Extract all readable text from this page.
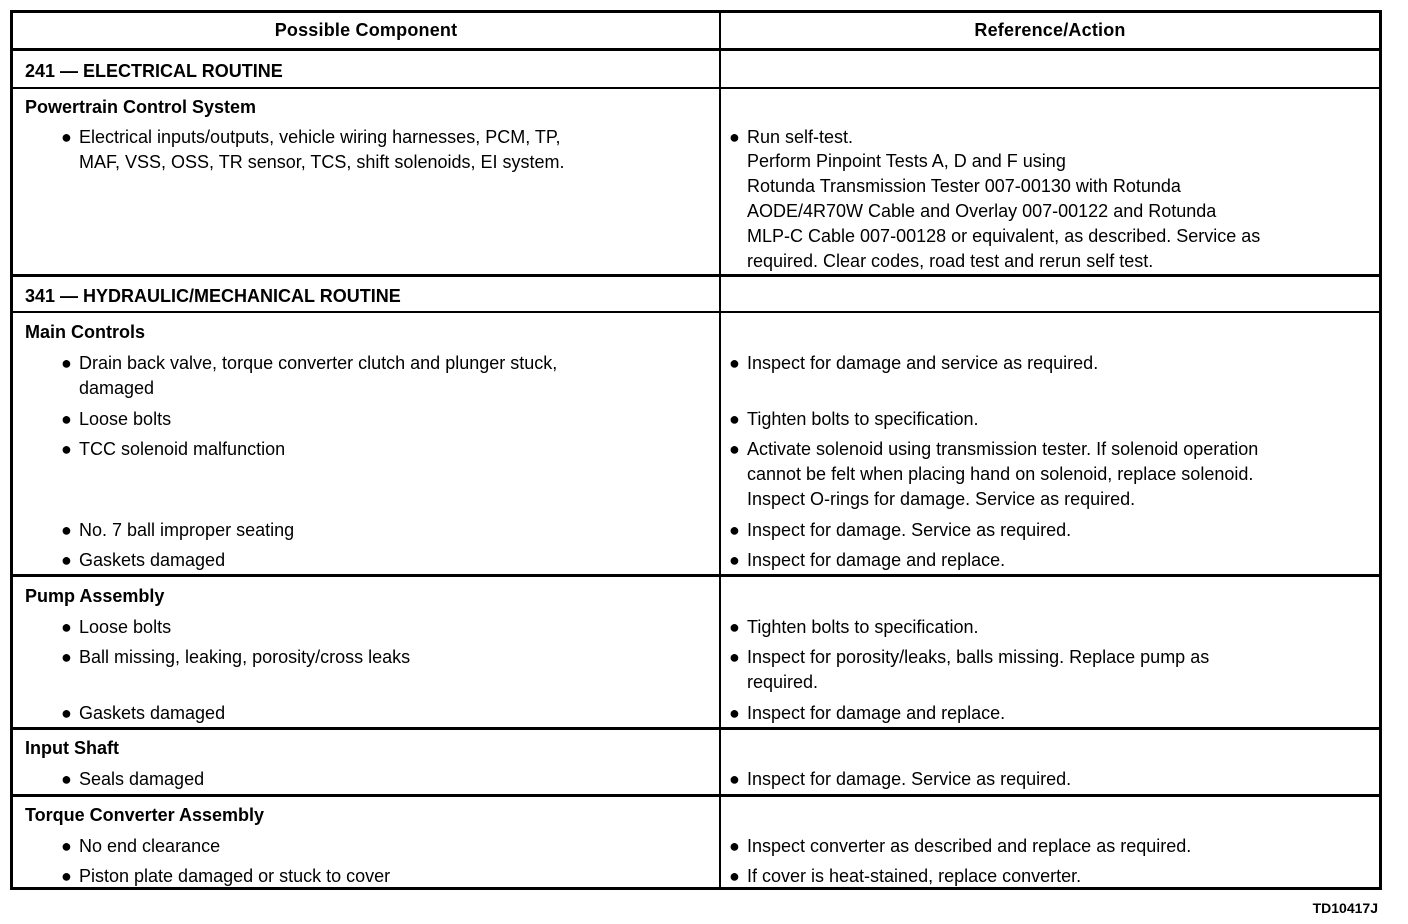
Possible Component	Reference/Action
241 — ELECTRICAL ROUTINE
Powertrain Control System
● Electrical inputs/outputs, vehicle wiring harnesses, PCM, TP,
MAF, VSS, OSS, TR sensor, TCS, shift solenoids, EI system.
● Run self-test.
Perform Pinpoint Tests A, D and F using
Rotunda Transmission Tester 007-00130 with Rotunda
AODE/4R70W Cable and Overlay 007-00122 and Rotunda
MLP-C Cable 007-00128 or equivalent, as described. Service as
required. Clear codes, road test and rerun self test.
341 — HYDRAULIC/MECHANICAL ROUTINE
Main Controls
● Drain back valve, torque converter clutch and plunger stuck,
damaged
● Loose bolts
● TCC solenoid malfunction
● No. 7 ball improper seating
● Gaskets damaged
● Inspect for damage and service as required.
● Tighten bolts to specification.
● Activate solenoid using transmission tester. If solenoid operation
cannot be felt when placing hand on solenoid, replace solenoid.
Inspect O-rings for damage. Service as required.
● Inspect for damage. Service as required.
● Inspect for damage and replace.
Pump Assembly
● Loose bolts
● Ball missing, leaking, porosity/cross leaks
● Gaskets damaged
● Tighten bolts to specification.
● Inspect for porosity/leaks, balls missing. Replace pump as
required.
● Inspect for damage and replace.
Input Shaft
● Seals damaged	● Inspect for damage. Service as required.
Torque Converter Assembly
● No end clearance
● Piston plate damaged or stuck to cover
● Inspect converter as described and replace as required.
● If cover is heat-stained, replace converter.
TD10417J
